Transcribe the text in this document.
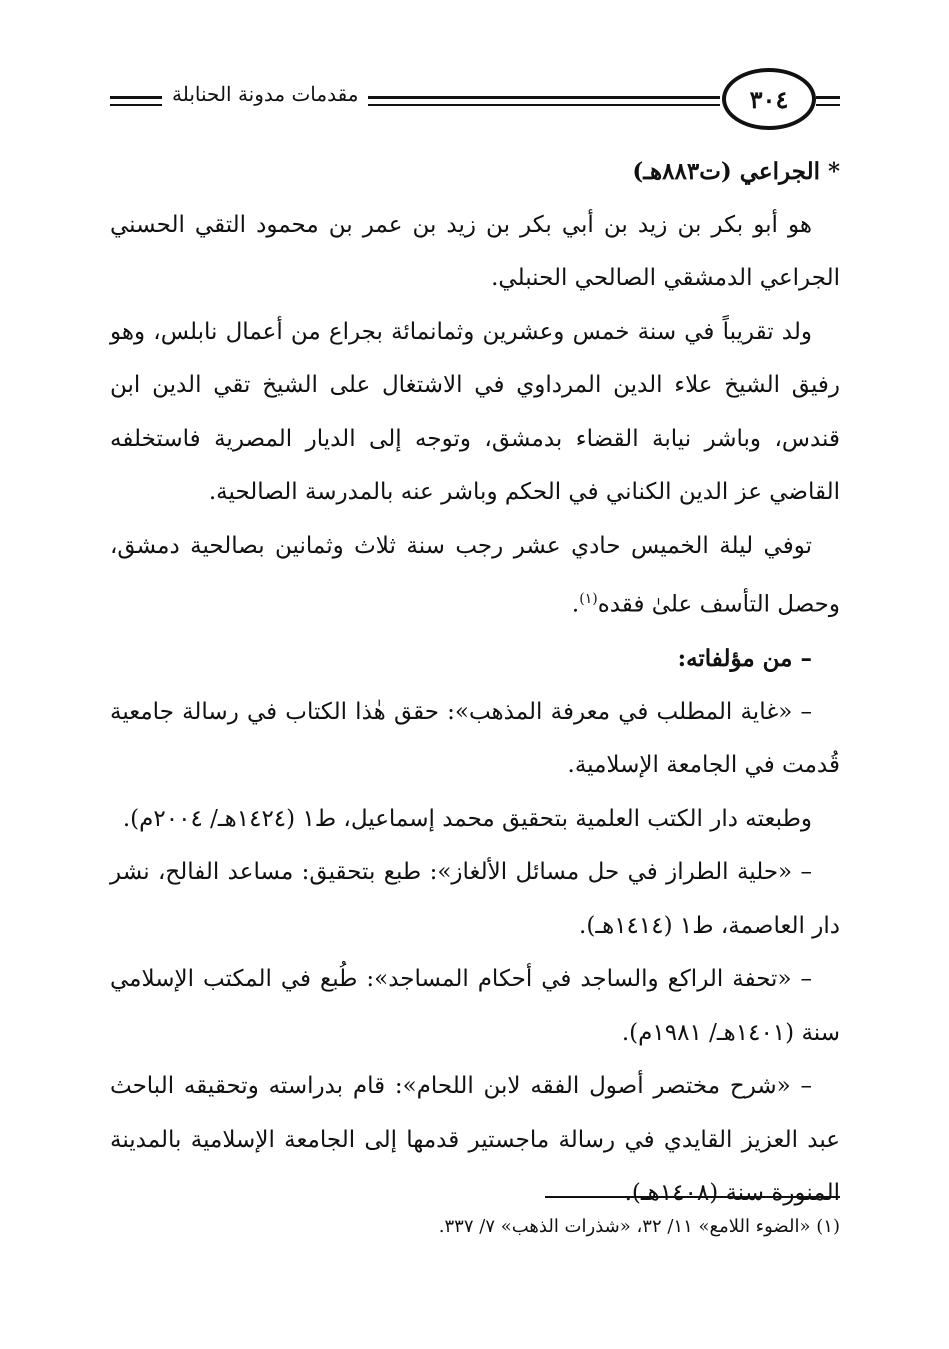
مقدمات مدونة الحنابلة	٣٠٤

* الجراعي (ت٨٨٣هـ)

هو أبو بكر بن زيد بن أبي بكر بن زيد بن عمر بن محمود التقي الحسني الجراعي الدمشقي الصالحي الحنبلي.

ولد تقريباً في سنة خمس وعشرين وثمانمائة بجراع من أعمال نابلس، وهو رفيق الشيخ علاء الدين المرداوي في الاشتغال على الشيخ تقي الدين ابن قندس، وباشر نيابة القضاء بدمشق، وتوجه إلى الديار المصرية فاستخلفه القاضي عز الدين الكناني في الحكم وباشر عنه بالمدرسة الصالحية.

توفي ليلة الخميس حادي عشر رجب سنة ثلاث وثمانين بصالحية دمشق، وحصل التأسف علىٰ فقده$^{(١)}$.

– من مؤلفاته:

– «غاية المطلب في معرفة المذهب»: حقق هٰذا الكتاب في رسالة جامعية قُدمت في الجامعة الإسلامية.

وطبعته دار الكتب العلمية بتحقيق محمد إسماعيل، ط١ (١٤٢٤هـ/ ٢٠٠٤م).

– «حلية الطراز في حل مسائل الألغاز»: طبع بتحقيق: مساعد الفالح، نشر دار العاصمة، ط١ (١٤١٤هـ).

– «تحفة الراكع والساجد في أحكام المساجد»: طُبع في المكتب الإسلامي سنة (١٤٠١هـ/ ١٩٨١م).

– «شرح مختصر أصول الفقه لابن اللحام»: قام بدراسته وتحقيقه الباحث عبد العزيز القايدي في رسالة ماجستير قدمها إلى الجامعة الإسلامية بالمدينة المنورة سنة (١٤٠٨هـ).

(١) «الضوء اللامع» ١١/ ٣٢، «شذرات الذهب» ٧/ ٣٣٧.
